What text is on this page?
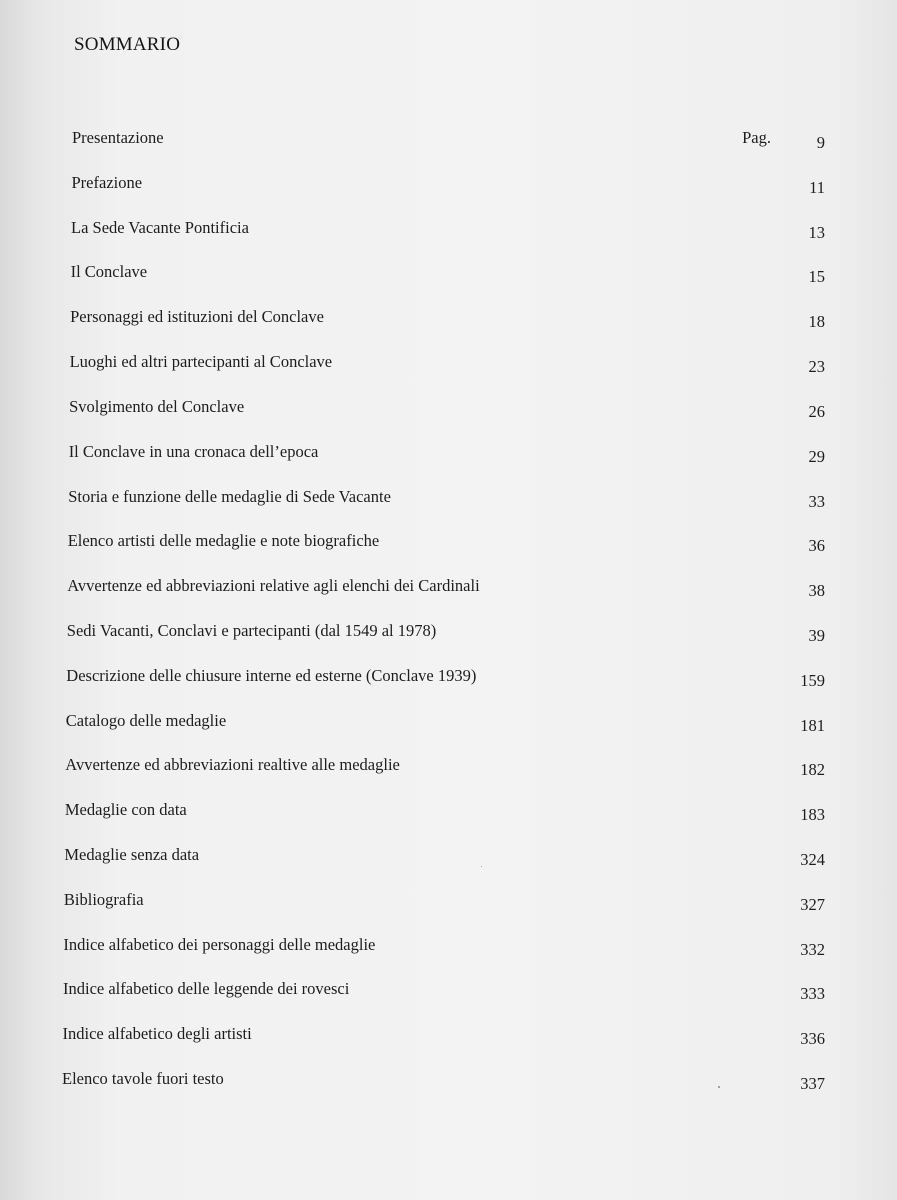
SOMMARIO
Presentazione	Pag.	9
Prefazione	11
La Sede Vacante Pontificia	13
Il Conclave	15
Personaggi ed istituzioni del Conclave	18
Luoghi ed altri partecipanti al Conclave	23
Svolgimento del Conclave	26
Il Conclave in una cronaca dell’epoca	29
Storia e funzione delle medaglie di Sede Vacante	33
Elenco artisti delle medaglie e note biografiche	36
Avvertenze ed abbreviazioni relative agli elenchi dei Cardinali	38
Sedi Vacanti, Conclavi e partecipanti (dal 1549 al 1978)	39
Descrizione delle chiusure interne ed esterne (Conclave 1939)	159
Catalogo delle medaglie	181
Avvertenze ed abbreviazioni realtive alle medaglie	182
Medaglie con data	183
Medaglie senza data	324
Bibliografia	327
Indice alfabetico dei personaggi delle medaglie	332
Indice alfabetico delle leggende dei rovesci	333
Indice alfabetico degli artisti	336
Elenco tavole fuori testo	337
